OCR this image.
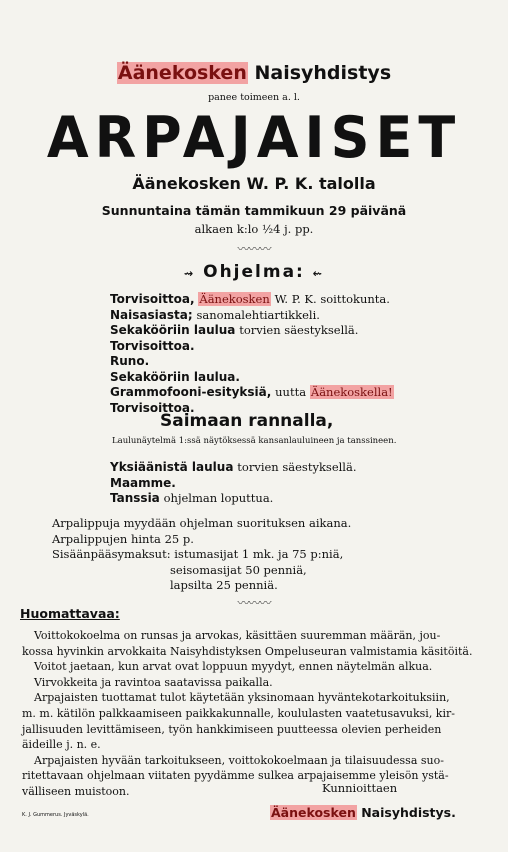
Äänekosken Naisyhdistys
panee toimeen a. l.
ARPAJAISET
Äänekosken W. P. K. talolla
Sunnuntaina tämän tammikuun 29 päivänä
alkaen k:lo ½4 j. pp.
〰〰〰
⇝ Ohjelma: ⇜
Torvisoittoa, Äänekosken W. P. K. soittokunta.
Naisasiasta; sanomalehtiartikkeli.
Sekakööriin laulua torvien säestyksellä.
Torvisoittoa.
Runo.
Sekakööriin laulua.
Grammofooni-esityksiä, uutta Äänekoskella!
Torvisoittoa.
Saimaan rannalla,
Laulunäytelmä 1:ssä näytöksessä kansanlauluineen ja tanssineen.
Yksiäänistä laulua torvien säestyksellä.
Maamme.
Tanssia ohjelman loputtua.
Arpalippuja myydään ohjelman suorituksen aikana.
Arpalippujen hinta 25 p.
Sisäänpääsymaksut: istumasijat 1 mk. ja 75 p:niä,
seisomasijat 50 penniä,
lapsilta 25 penniä.
〰〰〰
Huomattavaa:
Voittokokoelma on runsas ja arvokas, käsittäen suuremman määrän, jou-
kossa hyvinkin arvokkaita Naisyhdistyksen Ompeluseuran valmistamia käsitöitä.
Voitot jaetaan, kun arvat ovat loppuun myydyt, ennen näytelmän alkua.
Virvokkeita ja ravintoa saatavissa paikalla.
Arpajaisten tuottamat tulot käytetään yksinomaan hyväntekotarkoituksiin,
m. m. kätilön palkkaamiseen paikkakunnalle, koululasten vaatetusavuksi, kir-
jallisuuden levittämiseen, työn hankkimiseen puutteessa olevien perheiden
äideille j. n. e.
Arpajaisten hyvään tarkoitukseen, voittokokoelmaan ja tilaisuudessa suo-
ritettavaan ohjelmaan viitaten pyydämme sulkea arpajaisemme yleisön ystä-
välliseen muistoon.	Kunnioittaen
Äänekosken Naisyhdistys.
K. J. Gummerus. Jyväskylä.
